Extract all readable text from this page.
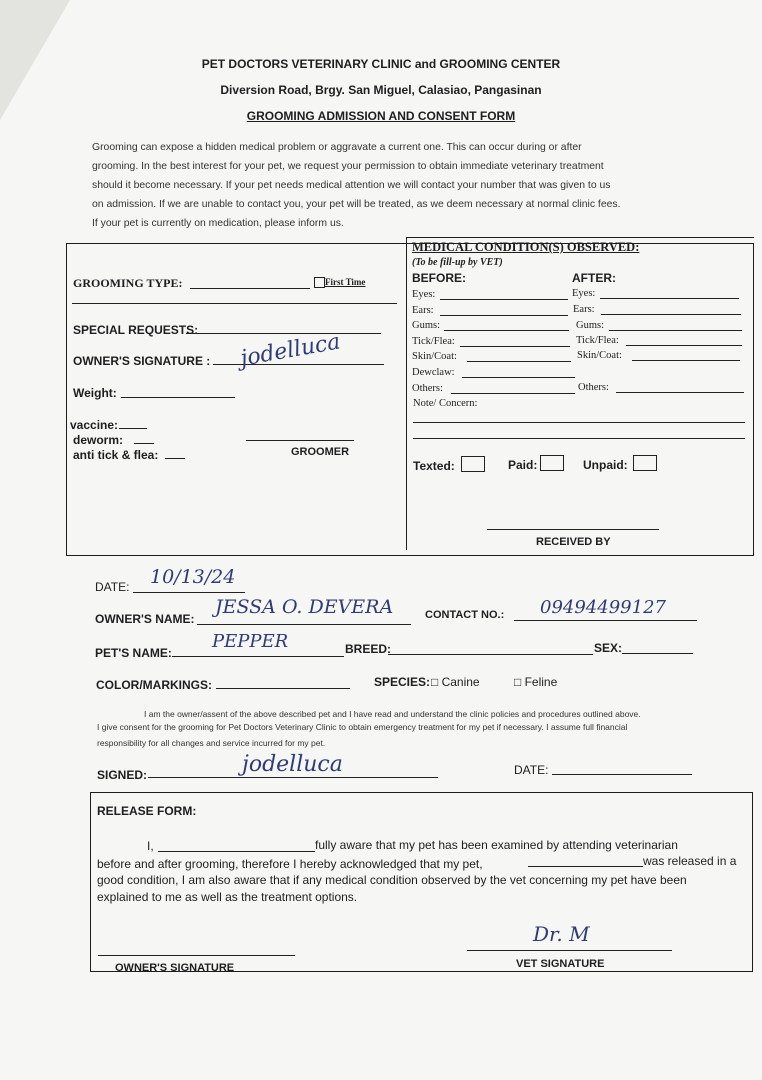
PET DOCTORS VETERINARY CLINIC and GROOMING CENTER
Diversion Road, Brgy. San Miguel, Calasiao, Pangasinan
GROOMING ADMISSION AND CONSENT FORM
Grooming can expose a hidden medical problem or aggravate a current one. This can occur during or after
grooming. In the best interest for your pet, we request your permission to obtain immediate veterinary treatment
should it become necessary. If your pet needs medical attention we will contact your number that was given to us
on admission. If we are unable to contact you, your pet will be treated, as we deem necessary at normal clinic fees.
If your pet is currently on medication, please inform us.
GROOMING TYPE:	First Time
SPECIAL REQUESTS:
OWNER'S SIGNATURE : jodelluca
Weight:
vaccine:
deworm:
anti tick & flea:	GROOMER
MEDICAL CONDITION(S) OBSERVED:
(To be fill-up by VET)
BEFORE:	AFTER:
Eyes:	Eyes:
Ears:	Ears:
Gums:	Gums:
Tick/Flea:	Tick/Flea:
Skin/Coat:	Skin/Coat:
Dewclaw:
Others:	Others:
Note/ Concern:
Texted:	Paid:	Unpaid:
RECEIVED BY
DATE: 10/13/24
OWNER'S NAME:
JESSA O. DEVERA	CONTACT NO.: 09494499127
PET'S NAME:
PEPPER	BREED:	SEX:
COLOR/MARKINGS:	SPECIES: □ Canine	□ Feline
I am the owner/assent of the above described pet and I have read and understand the clinic policies and procedures outlined above.
I give consent for the grooming for Pet Doctors Veterinary Clinic to obtain emergency treatment for my pet if necessary. I assume full financial
responsibility for all changes and service incurred for my pet.
SIGNED:	jodelluca	DATE:
RELEASE FORM:
I,	fully aware that my pet has been examined by attending veterinarian
before and after grooming, therefore I hereby acknowledged that my pet,	was released in a
good condition, I am also aware that if any medical condition observed by the vet concerning my pet have been
explained to me as well as the treatment options.
OWNER'S SIGNATURE
Dr. M
VET SIGNATURE
